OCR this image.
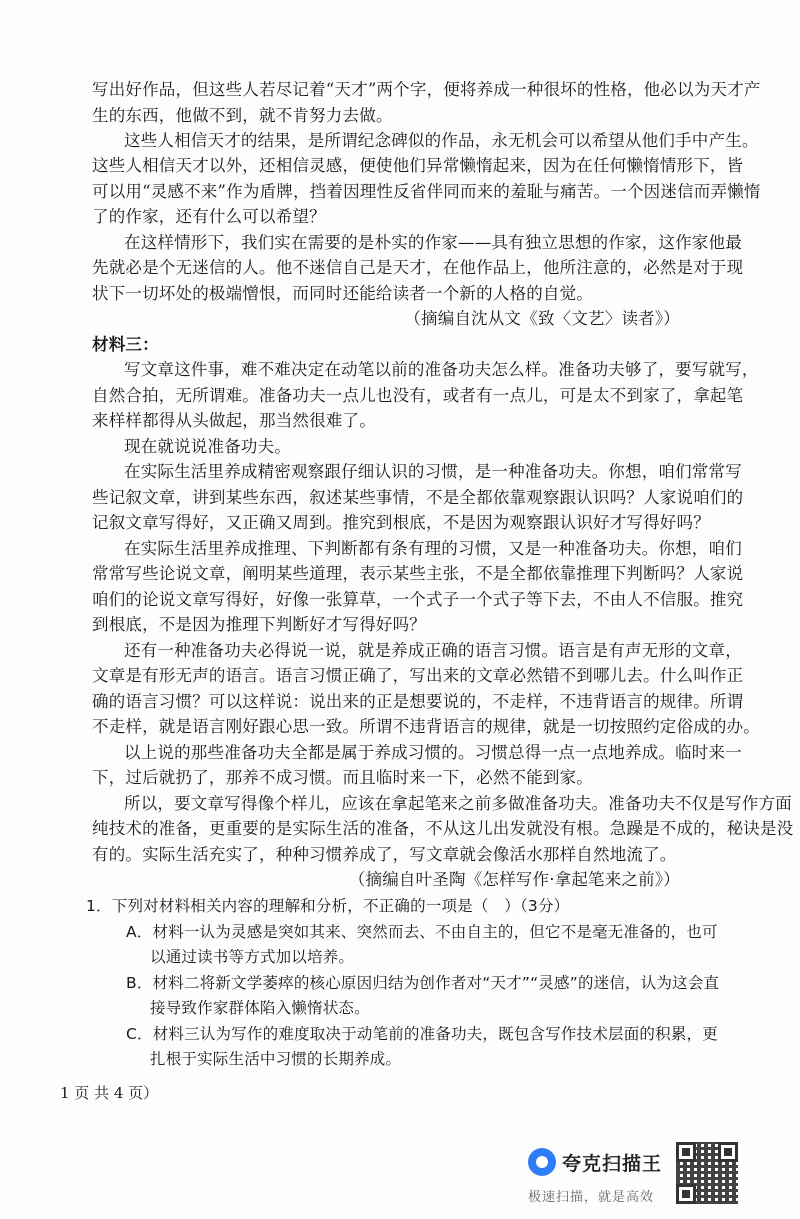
写出好作品，但这些人若尽记着“天才”两个字，便将养成一种很坏的性格，他必以为天才产
生的东西，他做不到，就不肯努力去做。
这些人相信天才的结果，是所谓纪念碑似的作品，永无机会可以希望从他们手中产生。
这些人相信天才以外，还相信灵感，便使他们异常懒惰起来，因为在任何懒惰情形下，皆
可以用“灵感不来”作为盾牌，挡着因理性反省伴同而来的羞耻与痛苦。一个因迷信而弄懒惰
了的作家，还有什么可以希望？
在这样情形下，我们实在需要的是朴实的作家——具有独立思想的作家，这作家他最
先就必是个无迷信的人。他不迷信自己是天才，在他作品上，他所注意的，必然是对于现
状下一切坏处的极端憎恨，而同时还能给读者一个新的人格的自觉。
（摘编自沈从文《致〈文艺〉读者》）
材料三：
写文章这件事，难不难决定在动笔以前的准备功夫怎么样。准备功夫够了，要写就写，
自然合拍，无所谓难。准备功夫一点儿也没有，或者有一点儿，可是太不到家了，拿起笔
来样样都得从头做起，那当然很难了。
现在就说说准备功夫。
在实际生活里养成精密观察跟仔细认识的习惯，是一种准备功夫。你想，咱们常常写
些记叙文章，讲到某些东西，叙述某些事情，不是全都依靠观察跟认识吗？人家说咱们的
记叙文章写得好，又正确又周到。推究到根底，不是因为观察跟认识好才写得好吗？
在实际生活里养成推理、下判断都有条有理的习惯，又是一种准备功夫。你想，咱们
常常写些论说文章，阐明某些道理，表示某些主张，不是全都依靠推理下判断吗？人家说
咱们的论说文章写得好，好像一张算草，一个式子一个式子等下去，不由人不信服。推究
到根底，不是因为推理下判断好才写得好吗？
还有一种准备功夫必得说一说，就是养成正确的语言习惯。语言是有声无形的文章，
文章是有形无声的语言。语言习惯正确了，写出来的文章必然错不到哪儿去。什么叫作正
确的语言习惯？可以这样说：说出来的正是想要说的，不走样，不违背语言的规律。所谓
不走样，就是语言刚好跟心思一致。所谓不违背语言的规律，就是一切按照约定俗成的办。
以上说的那些准备功夫全都是属于养成习惯的。习惯总得一点一点地养成。临时来一
下，过后就扔了，那养不成习惯。而且临时来一下，必然不能到家。
所以，要文章写得像个样儿，应该在拿起笔来之前多做准备功夫。准备功夫不仅是写作方面
纯技术的准备，更重要的是实际生活的准备，不从这儿出发就没有根。急躁是不成的，秘诀是没
有的。实际生活充实了，种种习惯养成了，写文章就会像活水那样自然地流了。
（摘编自叶圣陶《怎样写作·拿起笔来之前》）
1．下列对材料相关内容的理解和分析，不正确的一项是（　）（3分）
A．材料一认为灵感是突如其来、突然而去、不由自主的，但它不是毫无准备的，也可
以通过读书等方式加以培养。
B．材料二将新文学萎瘁的核心原因归结为创作者对“天才”“灵感”的迷信，认为这会直
接导致作家群体陷入懒惰状态。
C．材料三认为写作的难度取决于动笔前的准备功夫，既包含写作技术层面的积累，更
扎根于实际生活中习惯的长期养成。
1 页 共 4 页）
夸克扫描王
极速扫描，就是高效
